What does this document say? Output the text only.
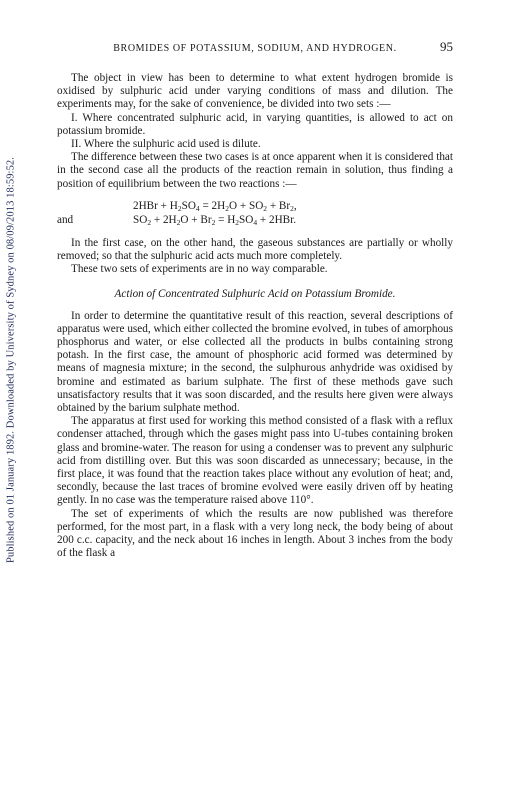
Published on 01 January 1892. Downloaded by University of Sydney on 08/09/2013 18:59:52.
BROMIDES OF POTASSIUM, SODIUM, AND HYDROGEN.	95

The object in view has been to determine to what extent hydrogen bromide is oxidised by sulphuric acid under varying conditions of mass and dilution. The experiments may, for the sake of convenience, be divided into two sets :—

I. Where concentrated sulphuric acid, in varying quantities, is allowed to act on potassium bromide.

II. Where the sulphuric acid used is dilute.

The difference between these two cases is at once apparent when it is considered that in the second case all the products of the reaction remain in solution, thus finding a position of equilibrium between the two reactions :—

$2HBr + H_2SO_4 = 2H_2O + SO_2 + Br_2$,
and	$SO_2 + 2H_2O + Br_2 = H_2SO_4 + 2HBr$.

In the first case, on the other hand, the gaseous substances are partially or wholly removed; so that the sulphuric acid acts much more completely.

These two sets of experiments are in no way comparable.

Action of Concentrated Sulphuric Acid on Potassium Bromide.

In order to determine the quantitative result of this reaction, several descriptions of apparatus were used, which either collected the bromine evolved, in tubes of amorphous phosphorus and water, or else collected all the products in bulbs containing strong potash. In the first case, the amount of phosphoric acid formed was determined by means of magnesia mixture; in the second, the sulphurous anhydride was oxidised by bromine and estimated as barium sulphate. The first of these methods gave such unsatisfactory results that it was soon discarded, and the results here given were always obtained by the barium sulphate method.

The apparatus at first used for working this method consisted of a flask with a reflux condenser attached, through which the gases might pass into U-tubes containing broken glass and bromine-water. The reason for using a condenser was to prevent any sulphuric acid from distilling over. But this was soon discarded as unnecessary; because, in the first place, it was found that the reaction takes place without any evolution of heat; and, secondly, because the last traces of bromine evolved were easily driven off by heating gently. In no case was the temperature raised above 110°.

The set of experiments of which the results are now published was therefore performed, for the most part, in a flask with a very long neck, the body being of about 200 c.c. capacity, and the neck about 16 inches in length. About 3 inches from the body of the flask a
